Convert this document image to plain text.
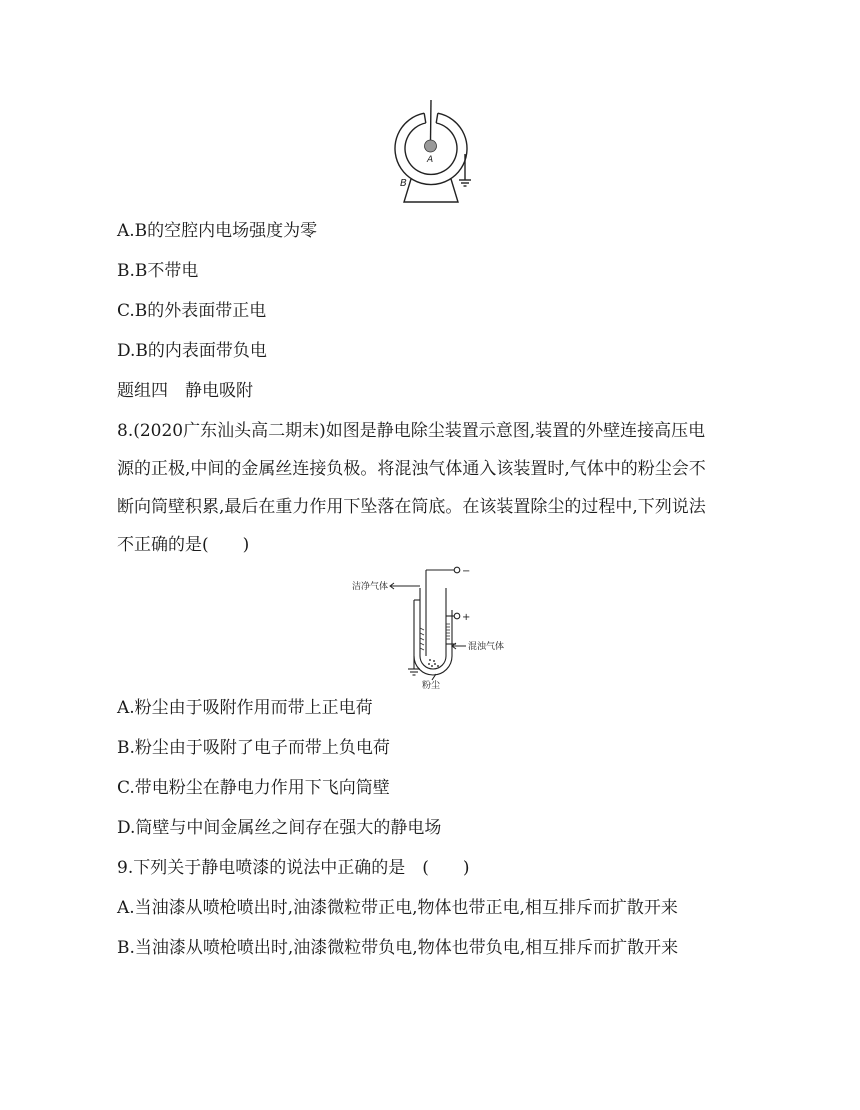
A
B
A.B的空腔内电场强度为零
B.B不带电
C.B的外表面带正电
D.B的内表面带负电
题组四　静电吸附
8.(2020广东汕头高二期末)如图是静电除尘装置示意图,装置的外壁连接高压电
源的正极,中间的金属丝连接负极。将混浊气体通入该装置时,气体中的粉尘会不
断向筒壁积累,最后在重力作用下坠落在筒底。在该装置除尘的过程中,下列说法
不正确的是(　　)
洁净气体
−
+
混浊气体
粉尘
A.粉尘由于吸附作用而带上正电荷
B.粉尘由于吸附了电子而带上负电荷
C.带电粉尘在静电力作用下飞向筒壁
D.筒壁与中间金属丝之间存在强大的静电场
9.下列关于静电喷漆的说法中正确的是　(　　)
A.当油漆从喷枪喷出时,油漆微粒带正电,物体也带正电,相互排斥而扩散开来
B.当油漆从喷枪喷出时,油漆微粒带负电,物体也带负电,相互排斥而扩散开来
